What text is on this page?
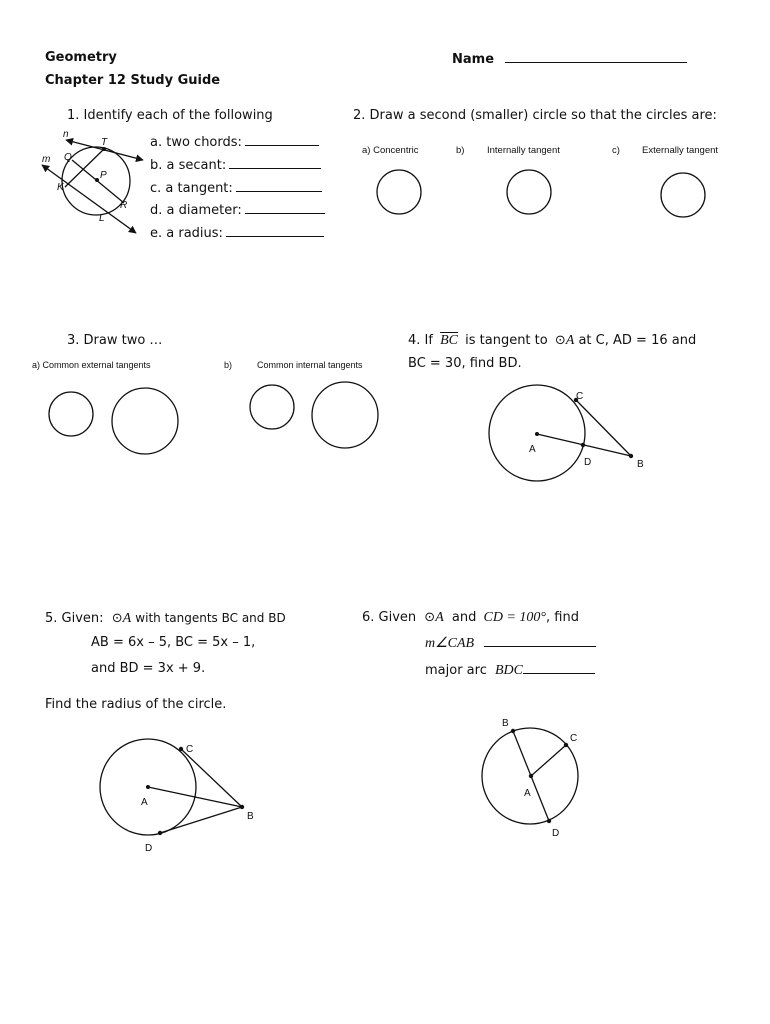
Geometry
Chapter 12 Study Guide
Name
1. Identify each of the following
a. two chords:
b. a secant:
c. a tangent:
d. a diameter:
e. a radius:
2. Draw a second (smaller) circle so that the circles are:
a) Concentric	b) Internally tangent	c) Externally tangent
3. Draw two …
a) Common external tangents	b)	Common internal tangents
4. If $\overline{BC}$ is tangent to ⊙A at C, AD = 16 and
BC = 30, find BD.
5. Given: ⊙A with tangents BC and BD
AB = 6x – 5, BC = 5x – 1,
and BD = 3x + 9.
Find the radius of the circle.
6. Given ⊙A and CD = 100°, find
m∠CAB
major arc BDC
n
m
T
Q
K
P
R
L
C
A
D	B
C
A
B
D
B
C
A
D
